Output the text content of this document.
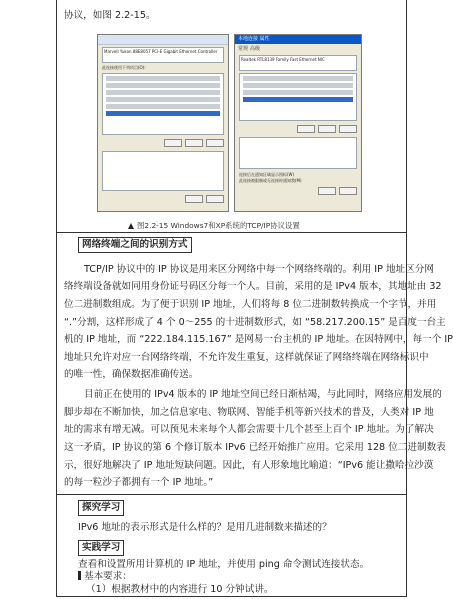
协议，如图 2.2-15。
Marvell Yukon 88E8057 PCI-E Gigabit Ethernet Controller
此连接使用下列项目(O):
本地连接 属性
常规 高级
Realtek RTL8139 Family Fast Ethernet NIC
连接后在通知区域显示图标(W)
此连接被限制或无连接时通知我(M)
图2.2-15 Windows7和XP系统的TCP/IP协议设置
网络终端之间的识别方式
TCP/IP 协议中的 IP 协议是用来区分网络中每一个网络终端的。利用 IP 地址区分网
络终端设备就如同用身份证号码区分每一个人。目前，采用的是 IPv4 版本，其地址由 32
位二进制数组成。为了便于识别 IP 地址，人们将每 8 位二进制数转换成一个字节，并用
“.”分割，这样形成了 4 个 0～255 的十进制数形式，如 “58.217.200.15” 是百度一台主
机的 IP 地址，而 “222.184.115.167” 是网易一台主机的 IP 地址。在因特网中，每一个 IP
地址只允许对应一台网络终端，不允许发生重复，这样就保证了网络终端在网络标识中
的唯一性，确保数据准确传送。
目前正在使用的 IPv4 版本的 IP 地址空间已经日渐枯竭，与此同时，网络应用发展的
脚步却在不断加快，加之信息家电、物联网、智能手机等新兴技术的普及，人类对 IP 地
址的需求有增无减。可以预见未来每个人都会需要十几个甚至上百个 IP 地址。为了解决
这一矛盾，IP 协议的第 6 个修订版本 IPv6 已经开始推广应用。它采用 128 位二进制数表
示，很好地解决了 IP 地址短缺问题。因此，有人形象地比喻道：“IPv6 能让撒哈拉沙漠
的每一粒沙子都拥有一个 IP 地址。”
探究学习
IPv6 地址的表示形式是什么样的？是用几进制数来描述的？
实践学习
查看和设置所用计算机的 IP 地址，并使用 ping 命令测试连接状态。
基本要求：
（1）根据教材中的内容进行 10 分钟试讲。
